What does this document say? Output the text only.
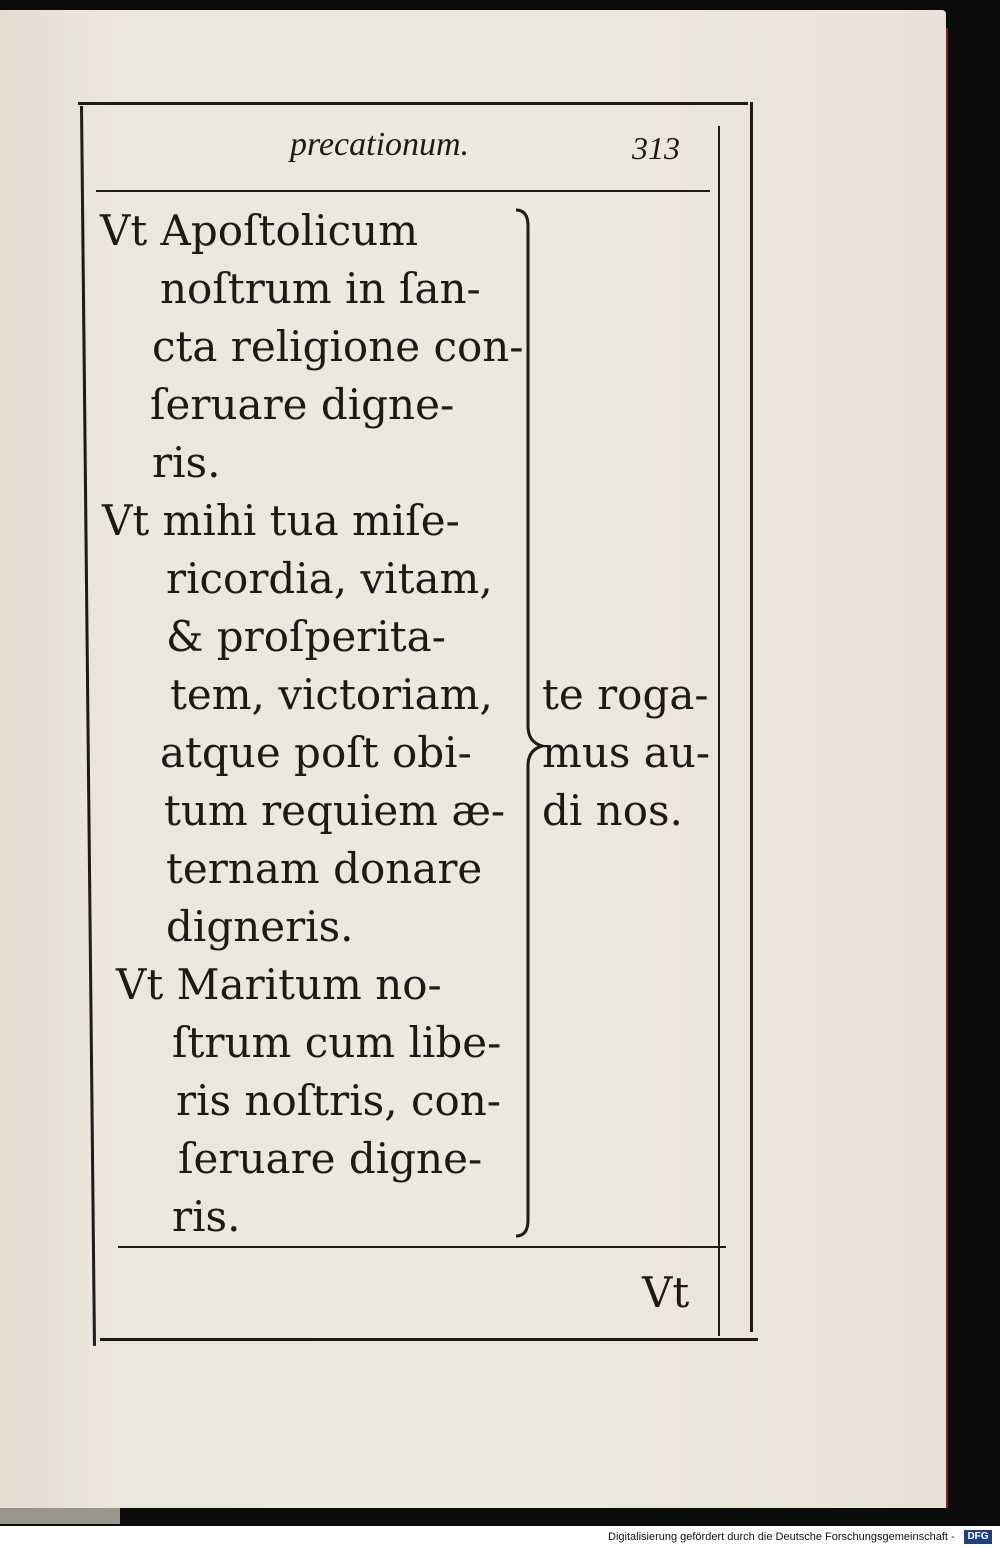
precationum.	313
Vt Apoſtolicum
noſtrum in ſan-
cta religione con-
ſeruare digne-
ris.
Vt mihi tua miſe-
ricordia, vitam,
& proſperita-
tem, victoriam,
atque poſt obi-
tum requiem æ-
ternam donare
digneris.
Vt Maritum no-
ſtrum cum libe-
ris noſtris, con-
ſeruare digne-
ris.
te roga-
mus au-
di nos.
Vt
Digitalisierung gefördert durch die Deutsche Forschungsgemeinschaft -	DFG
